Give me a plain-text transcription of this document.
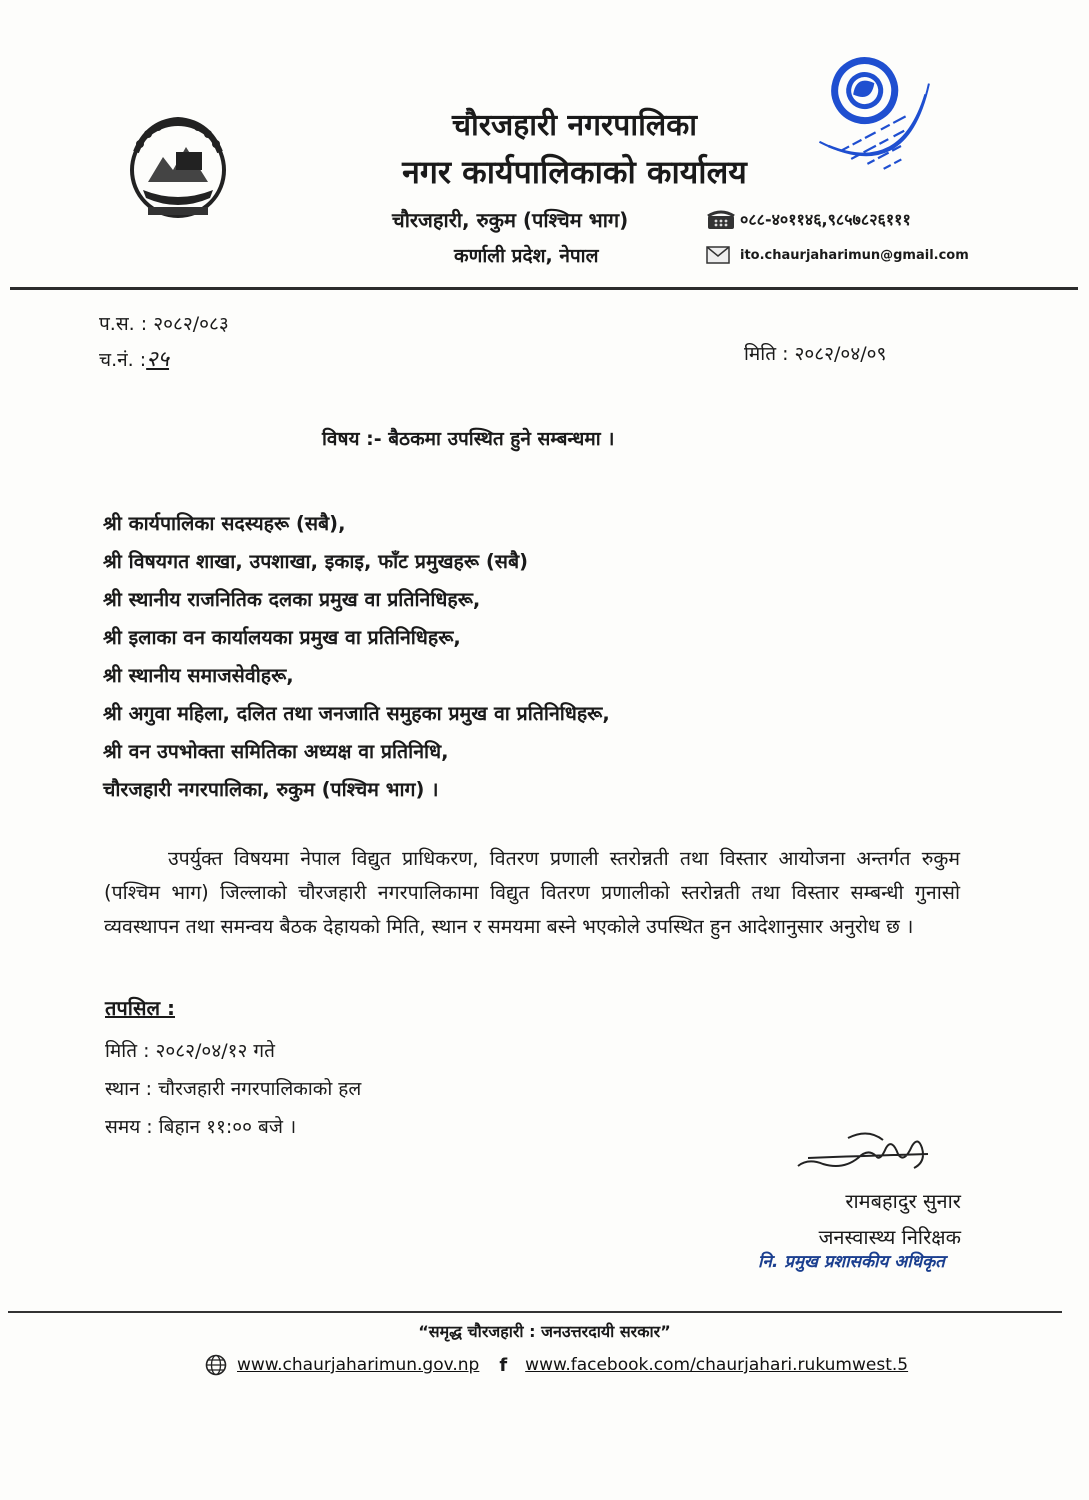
चौरजहारी नगरपालिका
नगर कार्यपालिकाको कार्यालय
चौरजहारी, रुकुम (पश्चिम भाग)
कर्णाली प्रदेश, नेपाल
०८८-४०११४६,९८५७८२६१११
ito.chaurjaharimun@gmail.com
प.स. : २०८२/०८३
च.नं. :२५	मिति : २०८२/०४/०९
विषय :- बैठकमा उपस्थित हुने सम्बन्धमा ।
श्री कार्यपालिका सदस्यहरू (सबै),
श्री विषयगत शाखा, उपशाखा, इकाइ, फाँट प्रमुखहरू (सबै)
श्री स्थानीय राजनितिक दलका प्रमुख वा प्रतिनिधिहरू,
श्री इलाका वन कार्यालयका प्रमुख वा प्रतिनिधिहरू,
श्री स्थानीय समाजसेवीहरू,
श्री अगुवा महिला, दलित तथा जनजाति समुहका प्रमुख वा प्रतिनिधिहरू,
श्री वन उपभोक्ता समितिका अध्यक्ष वा प्रतिनिधि,
चौरजहारी नगरपालिका, रुकुम (पश्चिम भाग) ।
उपर्युक्त विषयमा नेपाल विद्युत प्राधिकरण, वितरण प्रणाली स्तरोन्नती तथा विस्तार आयोजना अन्तर्गत रुकुम (पश्चिम भाग) जिल्लाको चौरजहारी नगरपालिकामा विद्युत वितरण प्रणालीको स्तरोन्नती तथा विस्तार सम्बन्धी गुनासो व्यवस्थापन तथा समन्वय बैठक देहायको मिति, स्थान र समयमा बस्ने भएकोले उपस्थित हुन आदेशानुसार अनुरोध छ ।
तपसिल :
मिति : २०८२/०४/१२ गते
स्थान : चौरजहारी नगरपालिकाको हल
समय : बिहान ११:०० बजे ।
रामबहादुर सुनार
जनस्वास्थ्य निरिक्षक
नि. प्रमुख प्रशासकीय अधिकृत
“समृद्ध चौरजहारी : जनउत्तरदायी सरकार”
www.chaurjaharimun.gov.np f www.facebook.com/chaurjahari.rukumwest.5
